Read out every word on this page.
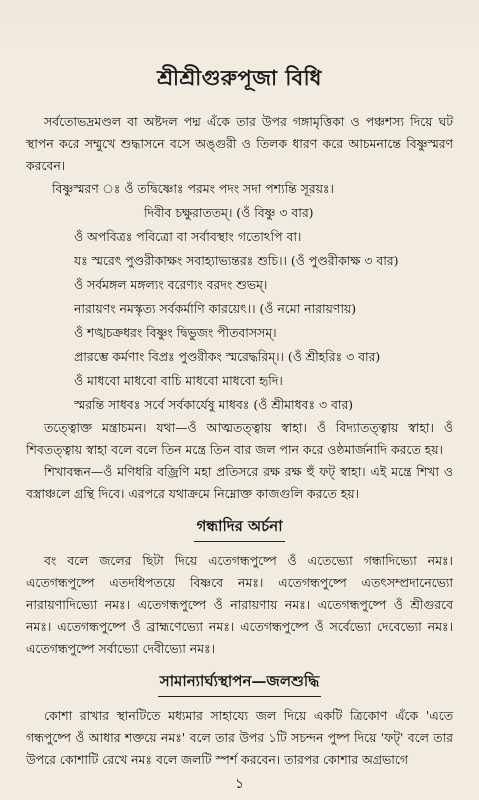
শ্রীশ্রীগুরুপূজা বিধি

সর্বতোভদ্রমণ্ডল বা অষ্টদল পদ্ম এঁকে তার উপর গঙ্গামৃত্তিকা ও পঞ্চশস্য দিয়ে ঘট স্থাপন করে সম্মুখে শুদ্ধাসনে বসে অঙ্গুরী ও তিলক ধারণ করে আচমনান্তে বিষ্ণুস্মরণ করবেন।

বিষ্ণুস্মরণ ঃ ওঁ তদ্বিষ্ণোঃ পরমং পদং সদা পশ্যন্তি সূরয়ঃ।

দিবীব চক্ষুরাততম্। (ওঁ বিষ্ণু ৩ বার)

ওঁ অপবিত্রঃ পবিত্রো বা সর্বাবস্থাং গতোঽপি বা।

যঃ স্মরেৎ পুণ্ডরীকাক্ষং সবাহ্যাভ্যন্তরঃ শুচি।। (ওঁ পুণ্ডরীকাক্ষ ৩ বার)

ওঁ সর্বমঙ্গল মঙ্গল্যং বরেণ্যং বরদং শুভম্।

নারায়ণং নমস্কৃত্য সর্বকর্মাণি কারয়েৎ।। (ওঁ নমো নারায়ণায়)

ওঁ শঙ্খচক্রধরং বিষ্ণুং দ্বিভুজং পীতবাসসম্।

প্রারম্ভে কর্মণাং বিপ্রঃ পুণ্ডরীকং স্মরেদ্ধরিম্।। (ওঁ শ্রীহরিঃ ৩ বার)

ওঁ মাধবো মাধবো বাচি মাধবো মাধবো হৃদি।

স্মরন্তি সাধবঃ সর্বে সর্বকার্যেষু মাধবঃ (ওঁ শ্রীমাধবঃ ৩ বার)

তত্ত্বোক্ত মন্ত্রাচমন। যথা—ওঁ আত্মতত্ত্বায় স্বাহা। ওঁ বিদ্যাতত্ত্বায় স্বাহা। ওঁ শিবতত্ত্বায় স্বাহা বলে বলে তিন মন্ত্রে তিন বার জল পান করে ওষ্ঠমার্জনাদি করতে হয়।

শিখাবন্ধন—ওঁ মণিধরি বজ্রিণি মহা প্রতিসরে রক্ষ রক্ষ হুঁ ফট্‌ স্বাহা। এই মন্ত্রে শিখা ও বস্ত্রাঞ্চলে গ্রন্থি দিবে। এরপরে যথাক্রমে নিম্নোক্ত কাজগুলি করতে হয়।

গন্ধাদির অর্চনা

বং বলে জলের ছিটা দিয়ে এতেগন্ধপুষ্পে ওঁ এতেভ্যো গন্ধাদিভ্যো নমঃ। এতেগন্ধপুষ্পে এতদধিপতয়ে বিষ্ণবে নমঃ। এতেগন্ধপুষ্পে এতৎসম্প্রদানেভ্যো নারায়ণাদিভ্যো নমঃ। এতেগন্ধপুষ্পে ওঁ নারায়ণায় নমঃ। এতেগন্ধপুষ্পে ওঁ শ্রীগুরবে নমঃ। এতেগন্ধপুষ্পে ওঁ ব্রাহ্মণেভ্যো নমঃ। এতেগন্ধপুষ্পে ওঁ সর্বেভ্যো দেবেভ্যো নমঃ। এতেগন্ধপুষ্পে সর্বাভ্যো দেবীভ্যো নমঃ।

সামান্যার্ঘ্যস্থাপন—জলশুদ্ধি

কোশা রাখার স্থানটিতে মধ্যমার সাহায্যে জল দিয়ে একটি ত্রিকোণ এঁকে 'এতে গন্ধপুষ্পে ওঁ আধার শক্তয়ে নমঃ' বলে তার উপর ১টি সচন্দন পুষ্প দিয়ে 'ফট্' বলে তার উপরে কোশাটি রেখে নমঃ বলে জলটি স্পর্শ করবেন। তারপর কোশার অগ্রভাগে

১
